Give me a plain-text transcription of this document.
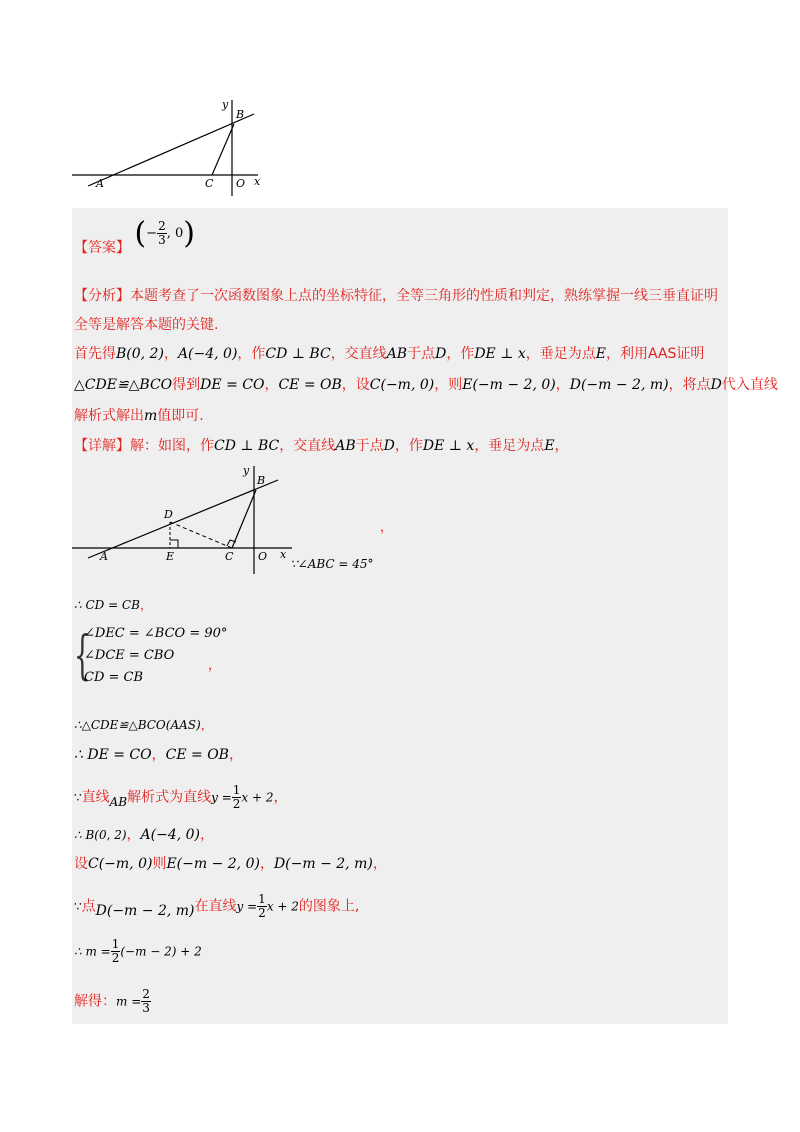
y
B
A	C O x
【答案】 (− $\frac{2}{3}$ , 0)
【分析】本题考查了一次函数图象上点的坐标特征，全等三角形的性质和判定，熟练掌握一线三垂直证明
全等是解答本题的关键.
首先得B(0, 2)，A(−4, 0)，作CD ⊥ BC，交直线AB于点D，作DE ⊥ x，垂足为点E，利用AAS证明
△CDE≌△BCO得到DE = CO，CE = OB，设C(−m, 0)，则E(−m − 2, 0)，D(−m − 2, m)，将点D代入直线
解析式解出m值即可.
【详解】解：如图，作CD ⊥ BC，交直线AB于点D，作DE ⊥ x，垂足为点E，
y
B
D
A	E	C O x
，
∵∠ABC = 45°
∴ CD = CB，
{
∠DEC = ∠BCO = 90°
∠DCE = CBO
CD = CB
，
∴△CDE≌△BCO(AAS)，
∴ DE = CO，CE = OB，
∵直线AB解析式为直线$y = \frac{1}{2}$ x + 2，
∴ B(0, 2)，A(−4, 0)，
设C(−m, 0)则E(−m − 2, 0)，D(−m − 2, m)，
∵点D(−m − 2, m)在直线$y = \frac{1}{2}$ x + 2的图象上,
∴ $m = \frac{1}{2} (-m - 2) + 2$
解得：$m = \frac{2}{3}$
